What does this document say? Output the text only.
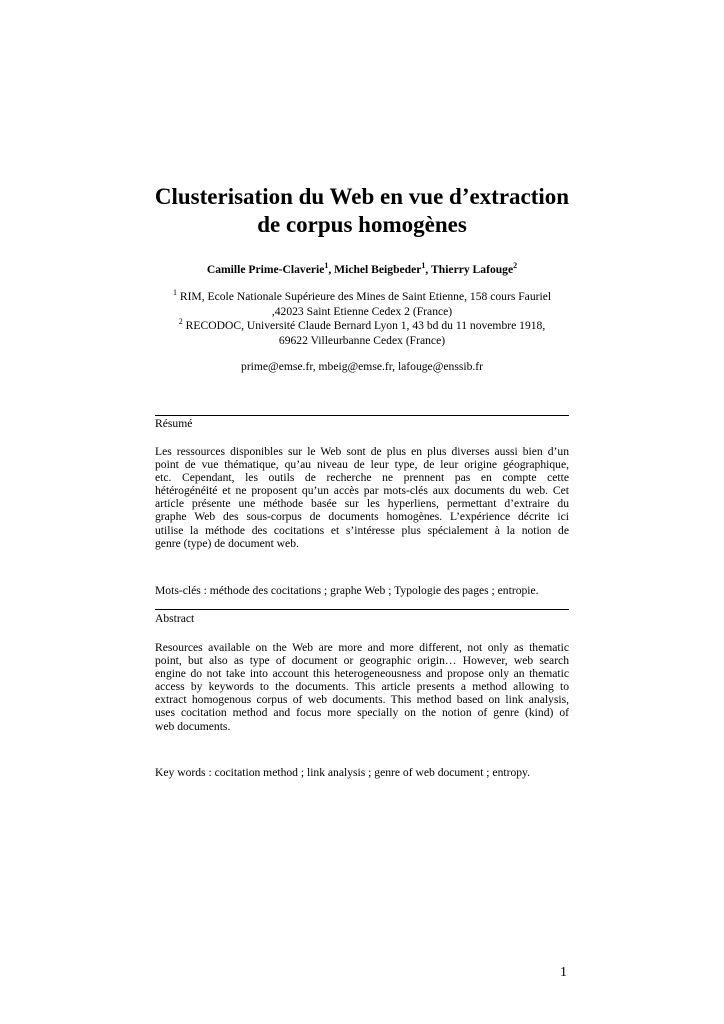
Clusterisation du Web en vue d’extraction
de corpus homogènes
Camille Prime-Claverie$^1$, Michel Beigbeder$^1$, Thierry Lafouge$^2$
$^1$ RIM, Ecole Nationale Supérieure des Mines de Saint Etienne, 158 cours Fauriel
,42023 Saint Etienne Cedex 2 (France)
$^2$ RECODOC, Université Claude Bernard Lyon 1, 43 bd du 11 novembre 1918,
69622 Villeurbanne Cedex (France)
prime@emse.fr, mbeig@emse.fr, lafouge@enssib.fr
Résumé
Les ressources disponibles sur le Web sont de plus en plus diverses aussi bien d’un
point de vue thématique, qu’au niveau de leur type, de leur origine géographique,
etc. Cependant, les outils de recherche ne prennent pas en compte cette
hétérogénéité et ne proposent qu’un accès par mots-clés aux documents du web. Cet
article présente une méthode basée sur les hyperliens, permettant d’extraire du
graphe Web des sous-corpus de documents homogènes. L’expérience décrite ici
utilise la méthode des cocitations et s’intéresse plus spécialement à la notion de
genre (type) de document web.
Mots-clés : méthode des cocitations ; graphe Web ; Typologie des pages ; entropie.
Abstract
Resources available on the Web are more and more different, not only as thematic
point, but also as type of document or geographic origin… However, web search
engine do not take into account this heterogeneousness and propose only an thematic
access by keywords to the documents. This article presents a method allowing to
extract homogenous corpus of web documents. This method based on link analysis,
uses cocitation method and focus more specially on the notion of genre (kind) of
web documents.
Key words : cocitation method ; link analysis ; genre of web document ; entropy.
1
